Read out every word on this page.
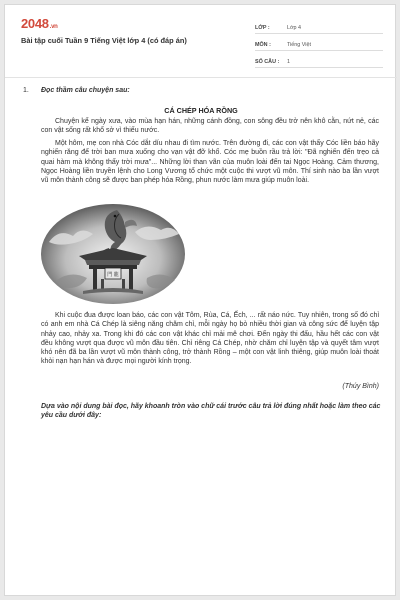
2048.vn
Bài tập cuối Tuần 9 Tiếng Việt lớp 4 (có đáp án)
LỚP :	Lớp 4
MÔN :	Tiếng Việt
SỐ CÂU :	1
1. Đọc thầm câu chuyện sau:
CÁ CHÉP HÓA RỒNG

Chuyện kể ngày xưa, vào mùa hạn hán, những cánh đồng, con sông đều trở nên khô cằn, nứt nẻ, các con vật sống rất khổ sở vì thiếu nước.

Một hôm, mẹ con nhà Cóc dắt díu nhau đi tìm nước. Trên đường đi, các con vật thấy Cóc liền báo hãy nghiến răng để trời ban mưa xuống cho vạn vật đỡ khổ. Cóc mẹ buồn rầu trả lời: "Đã nghiến đến trẹo cả quai hàm mà không thấy trời mưa"... Những lời than vãn của muôn loài đến tai Ngọc Hoàng. Cảm thương, Ngọc Hoàng liền truyền lệnh cho Long Vương tổ chức một cuộc thi vượt vũ môn. Thí sinh nào ba lần vượt vũ môn thành công sẽ được ban phép hóa Rồng, phun nước làm mưa giúp muôn loài.

門 龍

Khi cuộc đua được loan báo, các con vật Tôm, Rùa, Cá, Ếch, ... rất náo nức. Tuy nhiên, trong số đó chỉ có anh em nhà Cá Chép là siêng năng chăm chỉ, mỗi ngày họ bỏ nhiều thời gian và công sức để luyện tập nhảy cao, nhảy xa. Trong khi đó các con vật khác chỉ mải mê chơi. Đến ngày thi đấu, hầu hết các con vật đều không vượt qua được vũ môn đầu tiên. Chỉ riêng Cá Chép, nhờ chăm chỉ luyện tập và quyết tâm vượt khó nên đã ba lần vượt vũ môn thành công, trở thành Rồng – một con vật linh thiêng, giúp muôn loài thoát khỏi nạn hạn hán và được mọi người kính trọng.

(Thúy Bình)

Dựa vào nội dung bài đọc, hãy khoanh tròn vào chữ cái trước câu trả lời đúng nhất hoặc làm theo các yêu cầu dưới đây:
